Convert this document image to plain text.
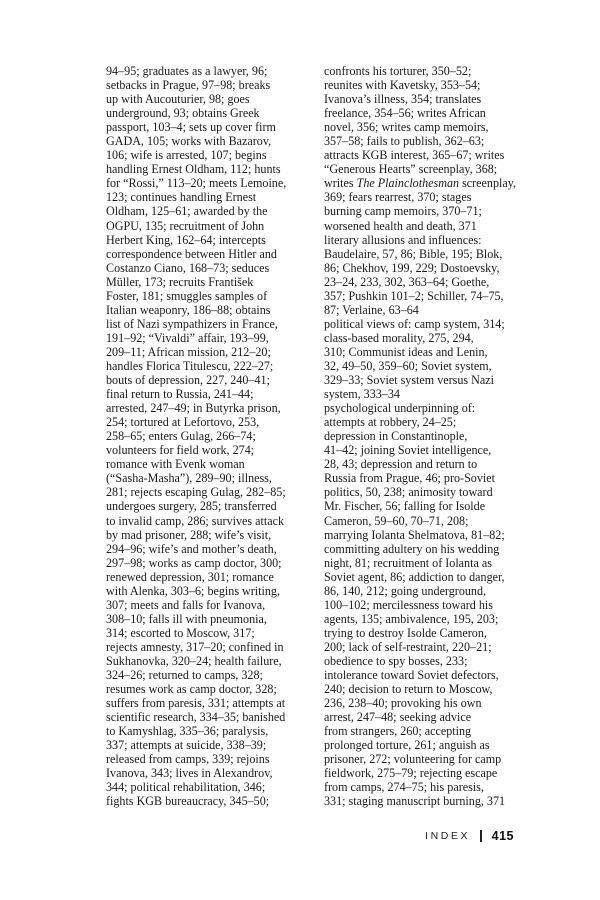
94–95; graduates as a lawyer, 96;
setbacks in Prague, 97–98; breaks
up with Aucouturier, 98; goes
underground, 93; obtains Greek
passport, 103–4; sets up cover firm
GADA, 105; works with Bazarov,
106; wife is arrested, 107; begins
handling Ernest Oldham, 112; hunts
for “Rossi,” 113–20; meets Lemoine,
123; continues handling Ernest
Oldham, 125–61; awarded by the
OGPU, 135; recruitment of John
Herbert King, 162–64; intercepts
correspondence between Hitler and
Costanzo Ciano, 168–73; seduces
Müller, 173; recruits František
Foster, 181; smuggles samples of
Italian weaponry, 186–88; obtains
list of Nazi sympathizers in France,
191–92; “Vivaldi” affair, 193–99,
209–11; African mission, 212–20;
handles Florica Titulescu, 222–27;
bouts of depression, 227, 240–41;
final return to Russia, 241–44;
arrested, 247–49; in Butyrka prison,
254; tortured at Lefortovo, 253,
258–65; enters Gulag, 266–74;
volunteers for field work, 274;
romance with Evenk woman
(“Sasha-Masha”), 289–90; illness,
281; rejects escaping Gulag, 282–85;
undergoes surgery, 285; transferred
to invalid camp, 286; survives attack
by mad prisoner, 288; wife’s visit,
294–96; wife’s and mother’s death,
297–98; works as camp doctor, 300;
renewed depression, 301; romance
with Alenka, 303–6; begins writing,
307; meets and falls for Ivanova,
308–10; falls ill with pneumonia,
314; escorted to Moscow, 317;
rejects amnesty, 317–20; confined in
Sukhanovka, 320–24; health failure,
324–26; returned to camps, 328;
resumes work as camp doctor, 328;
suffers from paresis, 331; attempts at
scientific research, 334–35; banished
to Kamyshlag, 335–36; paralysis,
337; attempts at suicide, 338–39;
released from camps, 339; rejoins
Ivanova, 343; lives in Alexandrov,
344; political rehabilitation, 346;
fights KGB bureaucracy, 345–50;

confronts his torturer, 350–52;
reunites with Kavetsky, 353–54;
Ivanova’s illness, 354; translates
freelance, 354–56; writes African
novel, 356; writes camp memoirs,
357–58; fails to publish, 362–63;
attracts KGB interest, 365–67; writes
“Generous Hearts” screenplay, 368;
writes The Plainclothesman screenplay,
369; fears rearrest, 370; stages
burning camp memoirs, 370–71;
worsened health and death, 371

literary allusions and influences:
Baudelaire, 57, 86; Bible, 195; Blok,
86; Chekhov, 199, 229; Dostoevsky,
23–24, 233, 302, 363–64; Goethe,
357; Pushkin 101–2; Schiller, 74–75,
87; Verlaine, 63–64

political views of: camp system, 314;
class-based morality, 275, 294,
310; Communist ideas and Lenin,
32, 49–50, 359–60; Soviet system,
329–33; Soviet system versus Nazi
system, 333–34

psychological underpinning of:
attempts at robbery, 24–25;
depression in Constantinople,
41–42; joining Soviet intelligence,
28, 43; depression and return to
Russia from Prague, 46; pro-Soviet
politics, 50, 238; animosity toward
Mr. Fischer, 56; falling for Isolde
Cameron, 59–60, 70–71, 208;
marrying Iolanta Shelmatova, 81–82;
committing adultery on his wedding
night, 81; recruitment of Iolanta as
Soviet agent, 86; addiction to danger,
86, 140, 212; going underground,
100–102; mercilessness toward his
agents, 135; ambivalence, 195, 203;
trying to destroy Isolde Cameron,
200; lack of self-restraint, 220–21;
obedience to spy bosses, 233;
intolerance toward Soviet defectors,
240; decision to return to Moscow,
236, 238–40; provoking his own
arrest, 247–48; seeking advice
from strangers, 260; accepting
prolonged torture, 261; anguish as
prisoner, 272; volunteering for camp
fieldwork, 275–79; rejecting escape
from camps, 274–75; his paresis,
331; staging manuscript burning, 371

INDEX 415
